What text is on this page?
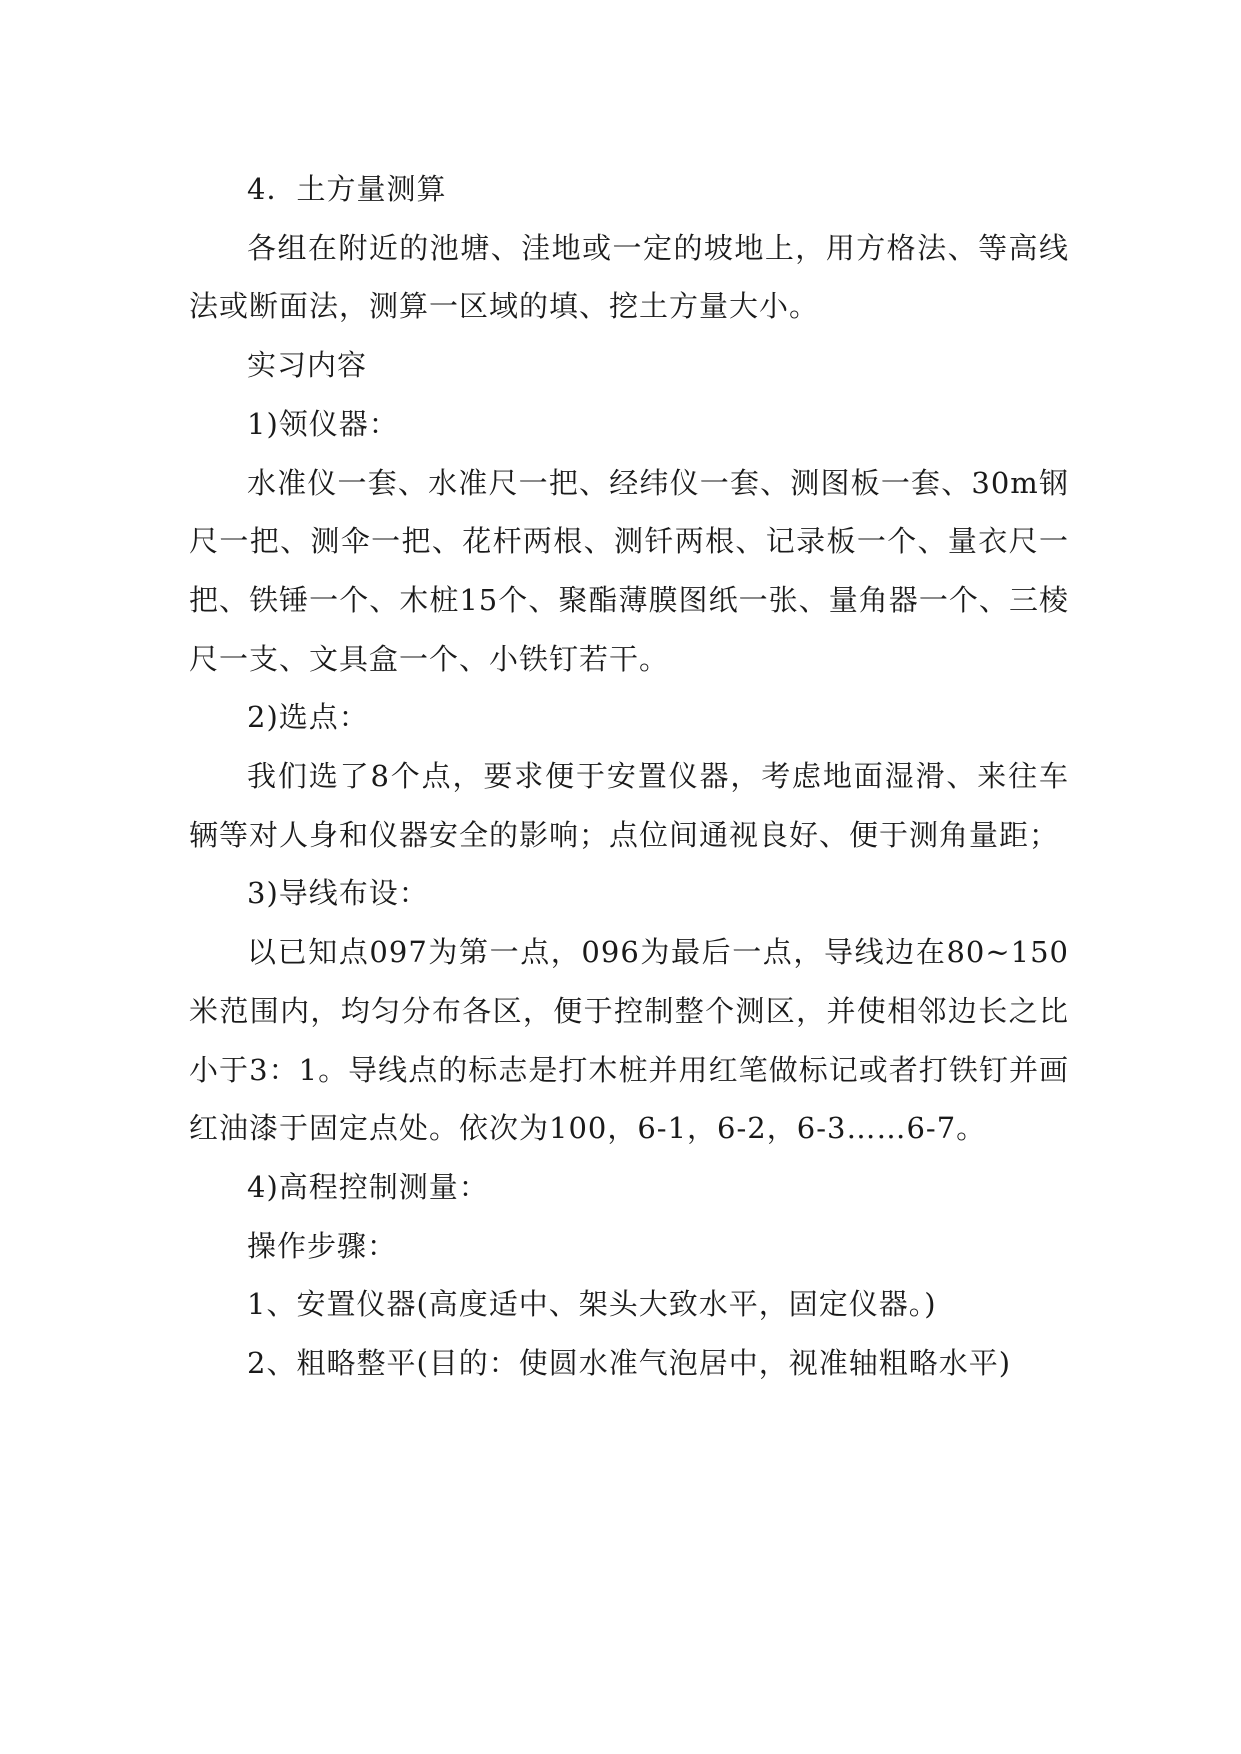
4．土方量测算

各组在附近的池塘、洼地或一定的坡地上，用方格法、等高线法或断面法，测算一区域的填、挖土方量大小。

实习内容

1)领仪器：

水准仪一套、水准尺一把、经纬仪一套、测图板一套、30m钢尺一把、测伞一把、花杆两根、测钎两根、记录板一个、量衣尺一把、铁锤一个、木桩15个、聚酯薄膜图纸一张、量角器一个、三棱尺一支、文具盒一个、小铁钉若干。

2)选点：

我们选了8个点，要求便于安置仪器，考虑地面湿滑、来往车辆等对人身和仪器安全的影响；点位间通视良好、便于测角量距；

3)导线布设：

以已知点097为第一点，096为最后一点，导线边在80~150米范围内，均匀分布各区，便于控制整个测区，并使相邻边长之比小于3：1。导线点的标志是打木桩并用红笔做标记或者打铁钉并画红油漆于固定点处。依次为100，6-1，6-2，6-3……6-7。

4)高程控制测量：

操作步骤：

1、安置仪器(高度适中、架头大致水平，固定仪器。)

2、粗略整平(目的：使圆水准气泡居中，视准轴粗略水平)
